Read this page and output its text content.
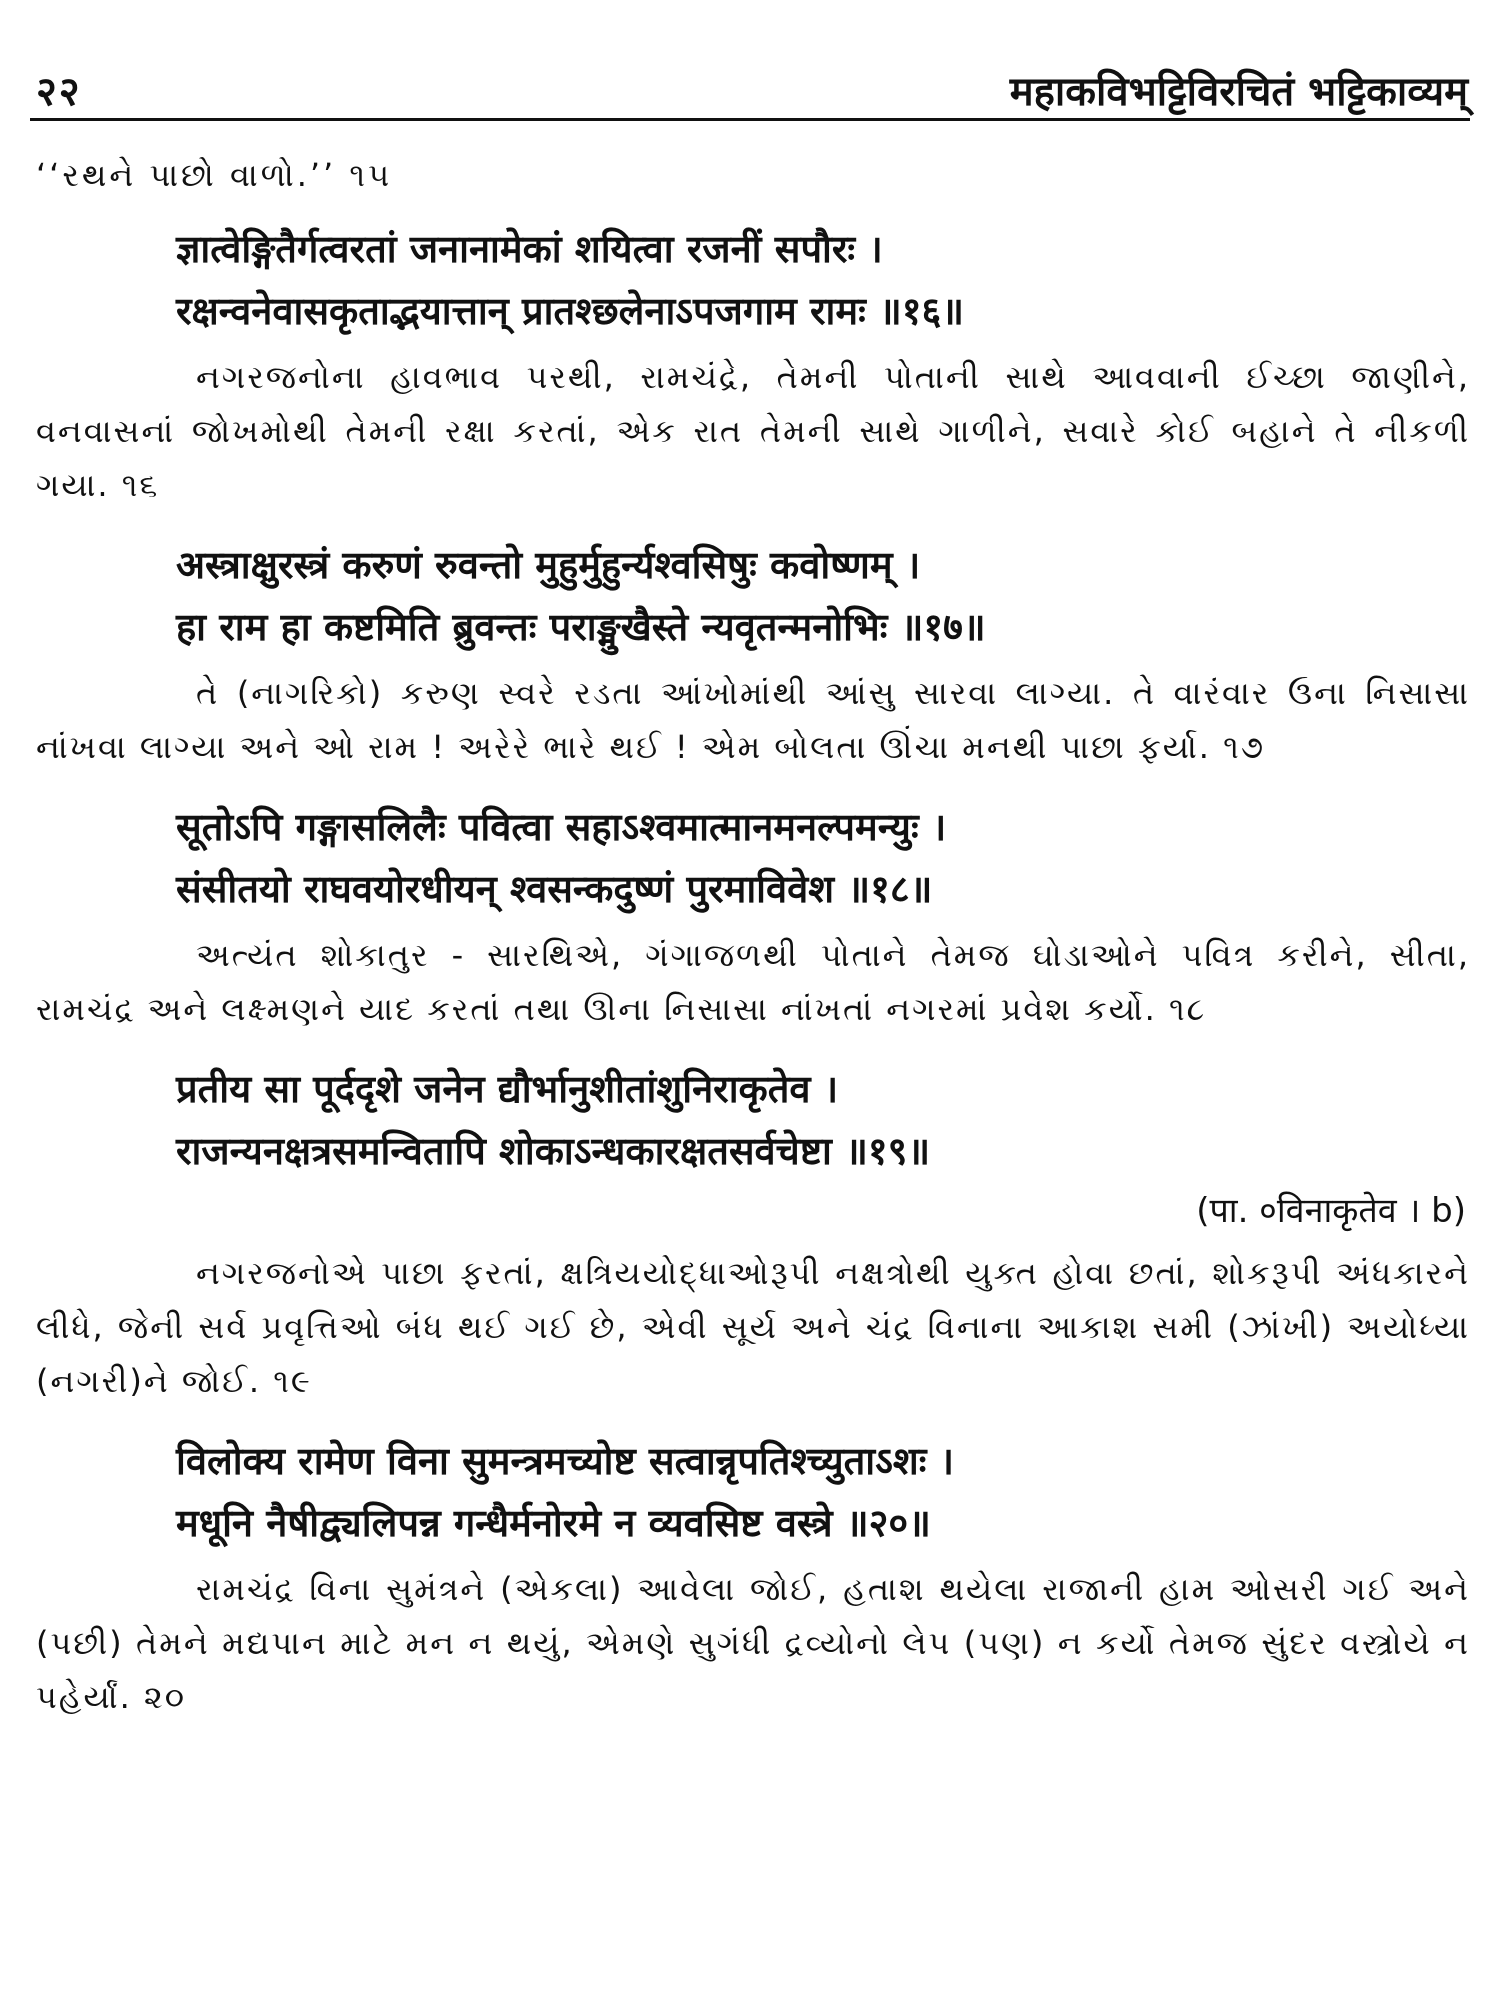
२२	महाकविभट्टिविरचितं भट्टिकाव्यम्

‘‘રથને પાછો વાળો.’’ ૧૫

ज्ञात्वेङ्गितैर्गत्वरतां जनानामेकां शयित्वा रजनीं सपौरः ।
रक्षन्वनेवासकृताद्भयात्तान् प्रातश्छलेनाऽपजगाम रामः ॥१६॥

નગરજનોના હાવભાવ પરથી, રામચંદ્રે, તેમની પોતાની સાથે આવવાની ઈચ્છા જાણીને, વનવાસનાં જોખમોથી તેમની રક્ષા કરતાં, એક રાત તેમની સાથે ગાળીને, સવારે કોઈ બહાને તે નીકળી ગયા. ૧૬

अस्त्राक्षुरस्त्रं करुणं रुवन्तो मुहुर्मुहुर्न्यश्वसिषुः कवोष्णम् ।
हा राम हा कष्टमिति ब्रुवन्तः पराङ्मुखैस्ते न्यवृतन्मनोभिः ॥१७॥

તે (નાગરિકો) કરુણ સ્વરે રડતા આંખોમાંથી આંસુ સારવા લાગ્યા. તે વારંવાર ઉના નિસાસા નાંખવા લાગ્યા અને ઓ રામ ! અરેરે ભારે થઈ ! એમ બોલતા ઊંચા મનથી પાછા ફર્યા. ૧૭

सूतोऽपि गङ्गासलिलैः पवित्वा सहाऽश्वमात्मानमनल्पमन्युः ।
संसीतयो राघवयोरधीयन् श्वसन्कदुष्णं पुरमाविवेश ॥१८॥

અત્યંત શોકાતુર - સારથિએ, ગંગાજળથી પોતાને તેમજ ઘોડાઓને પવિત્ર કરીને, સીતા, રામચંદ્ર અને લક્ષ્મણને યાદ કરતાં તથા ઊના નિસાસા નાંખતાં નગરમાં પ્રવેશ કર્યો. ૧૮

प्रतीय सा पूर्ददृशे जनेन द्यौर्भानुशीतांशुनिराकृतेव ।
राजन्यनक्षत्रसमन्वितापि शोकाऽन्धकारक्षतसर्वचेष्टा ॥१९॥
(पा. ०विनाकृतेव । b)

નગરજનોએ પાછા ફરતાં, ક્ષત્રિયયોદ્ધાઓરૂપી નક્ષત્રોથી યુક્ત હોવા છતાં, શોકરૂપી અંધકારને લીધે, જેની સર્વ પ્રવૃત્તિઓ બંધ થઈ ગઈ છે, એવી સૂર્ય અને ચંદ્ર વિનાના આકાશ સમી (ઝાંખી) અયોધ્યા (નગરી)ને જોઈ. ૧૯

विलोक्य रामेण विना सुमन्त्रमच्योष्ट सत्वान्नृपतिश्च्युताऽशः ।
मधूनि नैषीद्व्यलिपन्न गन्धैर्मनोरमे न व्यवसिष्ट वस्त्रे ॥२०॥

રામચંદ્ર વિના સુમંત્રને (એકલા) આવેલા જોઈ, હતાશ થયેલા રાજાની હામ ઓસરી ગઈ અને (પછી) તેમને મદ્યપાન માટે મન ન થયું, એમણે સુગંધી દ્રવ્યોનો લેપ (પણ) ન કર્યો તેમજ સુંદર વસ્ત્રોયે ન પહેર્યાં. ૨૦
